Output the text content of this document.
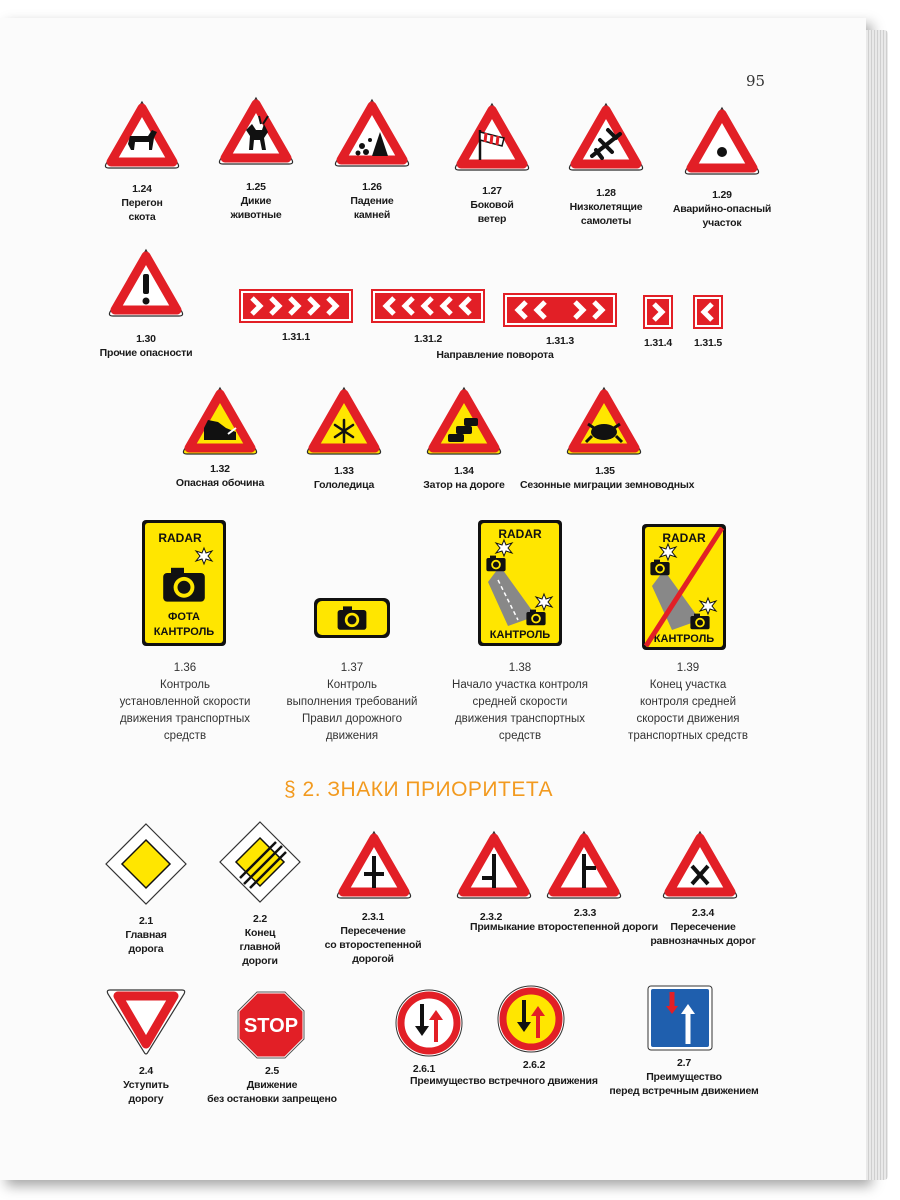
95
1.24
Перегон
скота
1.25
Дикие
животные
1.26
Падение
камней
1.27
Боковой
ветер
1.28
Низколетящие
самолеты
1.29
Аварийно-опасный
участок
1.30
Прочие опасности
1.31.1	1.31.2	1.31.3	1.31.4	1.31.5
Направление поворота
1.32
Опасная обочина
1.33
Гололедица
1.34
Затор на дороге
1.35
Сезонные миграции земноводных
RADAR
ФОТА
КАНТРОЛЬ
RADAR
КАНТРОЛЬ
RADAR
КАНТРОЛЬ
1.36
Контроль
установленной скорости
движения транспортных
средств
1.37
Контроль
выполнения требований
Правил дорожного
движения
1.38
Начало участка контроля
средней скорости
движения транспортных
средств
1.39
Конец участка
контроля средней
скорости движения
транспортных средств
§ 2. ЗНАКИ ПРИОРИТЕТА
2.1
Главная
дорога
2.2
Конец
главной
дороги
2.3.1
Пересечение
со второстепенной
дорогой
2.3.2	2.3.3
Примыкание второстепенной дороги
2.3.4
Пересечение
равнозначных дорог
STOP
2.4
Уступить
дорогу
2.5
Движение
без остановки запрещено
2.6.1	2.6.2
Преимущество встречного движения
2.7
Преимущество
перед встречным движением
